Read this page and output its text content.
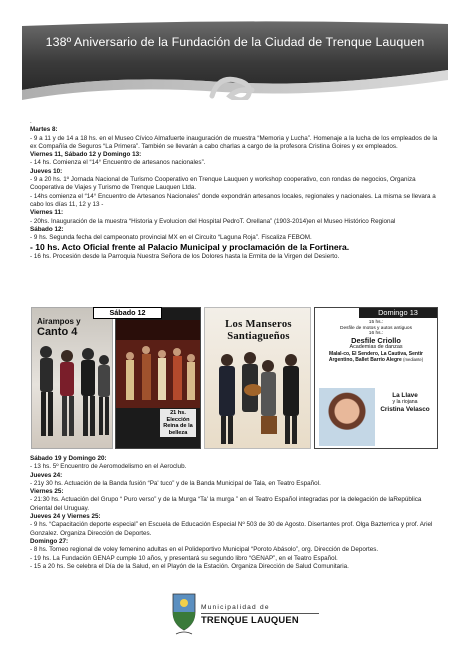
138º Aniversario de la Fundación de la Ciudad de Trenque Lauquen

.

Martes 8:

- 9 a 11 y de 14 a 18 hs. en el Museo Cívico Almafuerte inauguración de muestra “Memoria y Lucha”. Homenaje a la lucha de los empleados de la ex Compañía de Seguros “La Primera”. También se llevarán a cabo charlas a cargo de la profesora Cristina Goires y ex empleados.

Viernes 11, Sábado 12 y Domingo 13:

- 14 hs. Comienza el “14° Encuentro de artesanos nacionales”.

Jueves 10:

- 9 a 20 hs. 1º Jornada Nacional de Turismo Cooperativo en Trenque Lauquen y workshop cooperativo, con rondas de negocios, Organiza Cooperativa de Viajes y Turismo de Trenque Lauquen Ltda.

- 14hs comienza el “14° Encuentro de Artesanos Nacionales” donde expondrán artesanos locales, regionales y nacionales. La misma se llevara a cabo los días 11, 12 y 13 -

Viernes 11:

- 20hs. Inauguración de la muestra “Historia y Evolucion del Hospital PedroT. Orellana” (1903-2014)en el Museo Histórico Regional

Sábado 12:

- 9 hs. Segunda fecha del campeonato provincial MX en el Circuito “Laguna Roja”. Fiscaliza FEBOM.

- 10 hs. Acto Oficial frente al Palacio Municipal y proclamación de la Fortinera.

- 16 hs. Procesión desde la Parroquia Nuestra Señora de los Dolores hasta la Ermita de la Virgen del Desierto.

Airampos y
Canto 4
21 hs.
Elección
Reina de la belleza
Sábado 12
Los Manseros
Santiagueños
Domingo 13
15 hs.:
Desfile de motos y autos antiguos
16 hs.:
Desfile Criollo
Academias de danzas
Malal-co, El Sendero, La Cautiva, Sentir
Argentino, Ballet Barrio Alegre (mediante)
La Llave
y la riojana
Cristina Velasco

Sábado 19 y Domingo 20:

- 13 hs. 5º Encuentro de Aeromodelismo en el Aeroclub.

Jueves 24:

- 21y 30 hs. Actuación de la Banda fusión “Pa' tuco” y de la Banda Municipal de Tala, en Teatro Español.

Viernes 25:

- 21:30 hs. Actuación del Grupo “ Puro verso” y de la Murga “Ta' la murga ” en el Teatro Español integradas por la delegación de laRepública Oriental del Uruguay.

Jueves 24 y Viernes 25:

- 9 hs. “Capacitación deporte especial” en Escuela de Educación Especial Nº 503 de 30 de Agosto. Disertantes prof. Olga Bazterrica y prof. Ariel Gonzalez. Organiza Dirección de Deportes.

Domingo 27:

- 8 hs. Torneo regional de voley femenino adultas en el Polideportivo Municipal “Poroto Abásolo”, org. Dirección de Deportes.

- 19 hs. La Fundación GENAP cumple 10 años, y presentará su segundo libro “GENAP”, en el Teatro Español.

- 15 a 20 hs. Se celebra el Día de la Salud, en el Playón de la Estación. Organiza Dirección de Salud Comunitaria.

Municipalidad de
TRENQUE LAUQUEN
